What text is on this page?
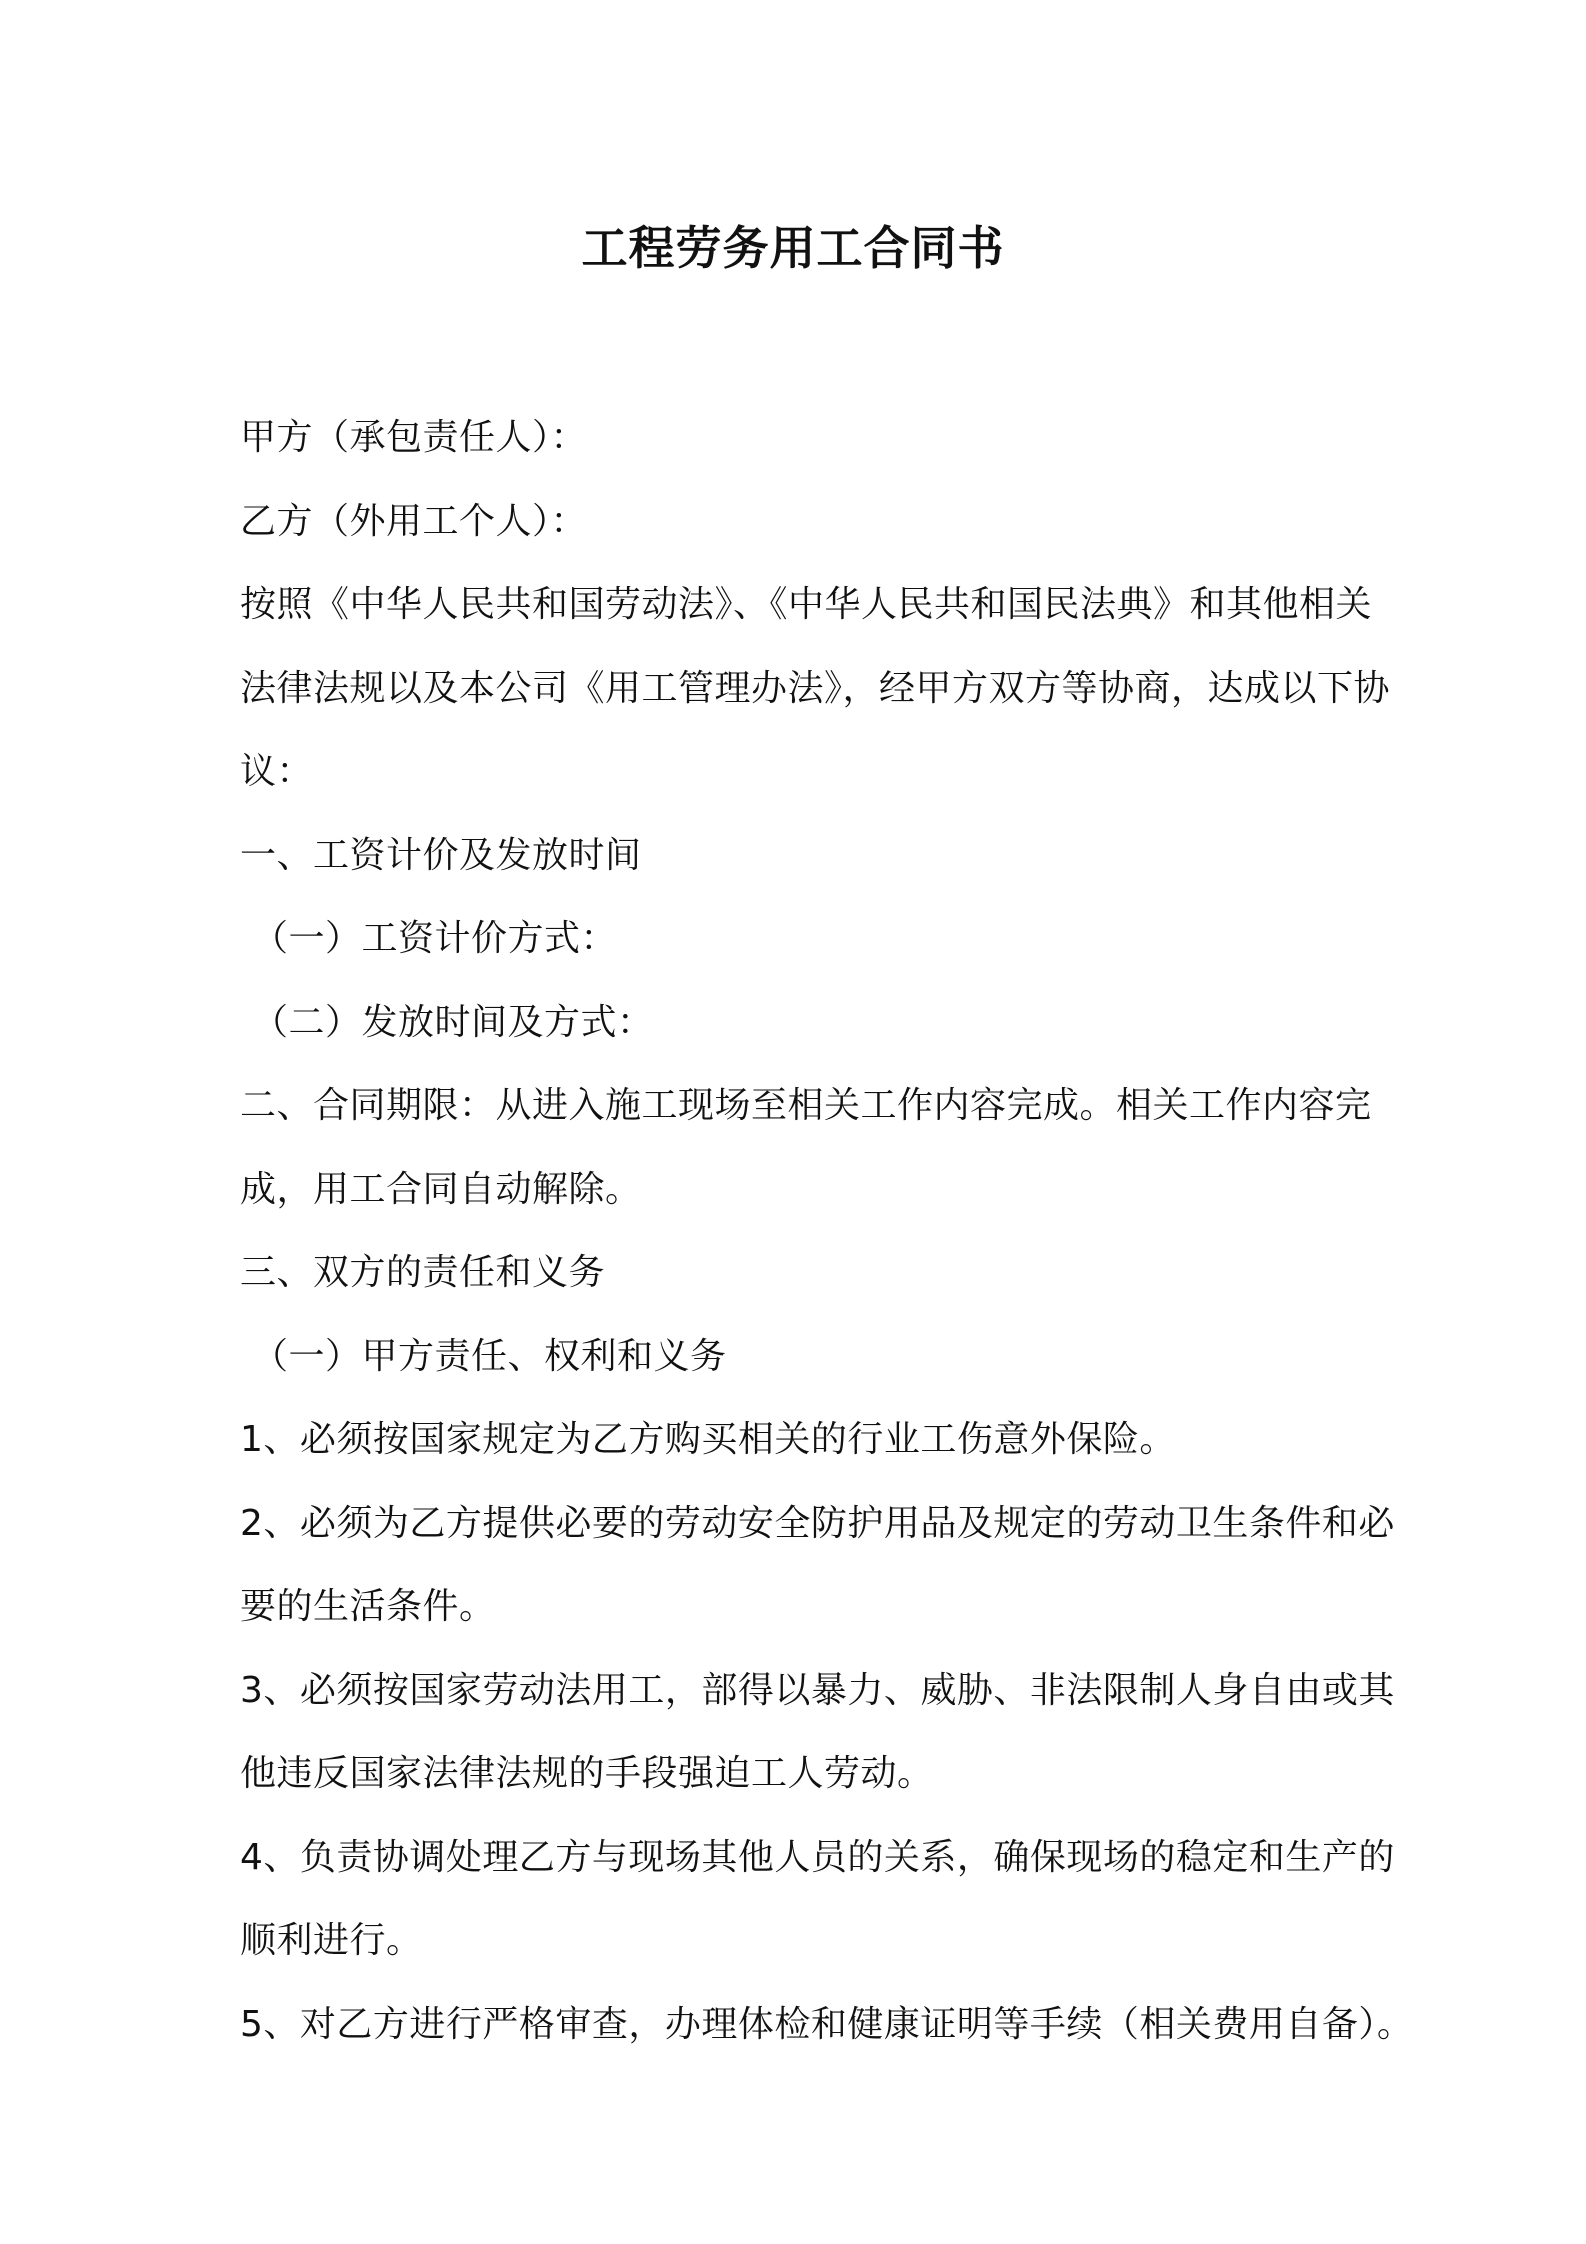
工程劳务用工合同书
甲方（承包责任人）：
乙方（外用工个人）：
按照《中华人民共和国劳动法》、《中华人民共和国民法典》和其他相关
法律法规以及本公司《用工管理办法》，经甲方双方等协商，达成以下协
议：
一、工资计价及发放时间
（一）工资计价方式：
（二）发放时间及方式：
二、合同期限：从进入施工现场至相关工作内容完成。相关工作内容完
成，用工合同自动解除。
三、双方的责任和义务
（一）甲方责任、权利和义务
1、必须按国家规定为乙方购买相关的行业工伤意外保险。
2、必须为乙方提供必要的劳动安全防护用品及规定的劳动卫生条件和必
要的生活条件。
3、必须按国家劳动法用工，部得以暴力、威胁、非法限制人身自由或其
他违反国家法律法规的手段强迫工人劳动。
4、负责协调处理乙方与现场其他人员的关系，确保现场的稳定和生产的
顺利进行。
5、对乙方进行严格审查，办理体检和健康证明等手续（相关费用自备）。
